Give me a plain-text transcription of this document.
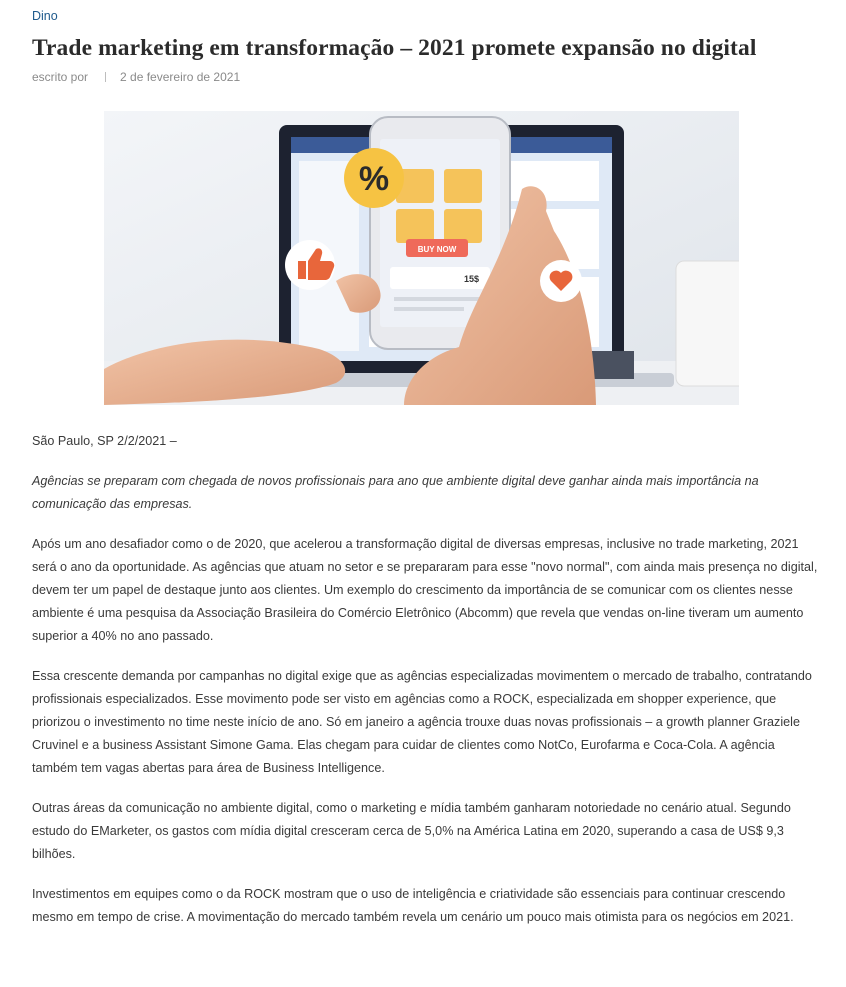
Dino
Trade marketing em transformação – 2021 promete expansão no digital
escrito por	2 de fevereiro de 2021
BUY NOW
15$
%

São Paulo, SP 2/2/2021 –

Agências se preparam com chegada de novos profissionais para ano que ambiente digital deve ganhar ainda mais importância na comunicação das empresas.

Após um ano desafiador como o de 2020, que acelerou a transformação digital de diversas empresas, inclusive no trade marketing, 2021 será o ano da oportunidade. As agências que atuam no setor e se prepararam para esse "novo normal", com ainda mais presença no digital, devem ter um papel de destaque junto aos clientes. Um exemplo do crescimento da importância de se comunicar com os clientes nesse ambiente é uma pesquisa da Associação Brasileira do Comércio Eletrônico (Abcomm) que revela que vendas on-line tiveram um aumento superior a 40% no ano passado.

Essa crescente demanda por campanhas no digital exige que as agências especializadas movimentem o mercado de trabalho, contratando profissionais especializados. Esse movimento pode ser visto em agências como a ROCK, especializada em shopper experience, que priorizou o investimento no time neste início de ano. Só em janeiro a agência trouxe duas novas profissionais – a growth planner Graziele Cruvinel e a business Assistant Simone Gama. Elas chegam para cuidar de clientes como NotCo, Eurofarma e Coca-Cola. A agência também tem vagas abertas para área de Business Intelligence.

Outras áreas da comunicação no ambiente digital, como o marketing e mídia também ganharam notoriedade no cenário atual. Segundo estudo do EMarketer, os gastos com mídia digital cresceram cerca de 5,0% na América Latina em 2020, superando a casa de US$ 9,3 bilhões.

Investimentos em equipes como o da ROCK mostram que o uso de inteligência e criatividade são essenciais para continuar crescendo mesmo em tempo de crise. A movimentação do mercado também revela um cenário um pouco mais otimista para os negócios em 2021.
